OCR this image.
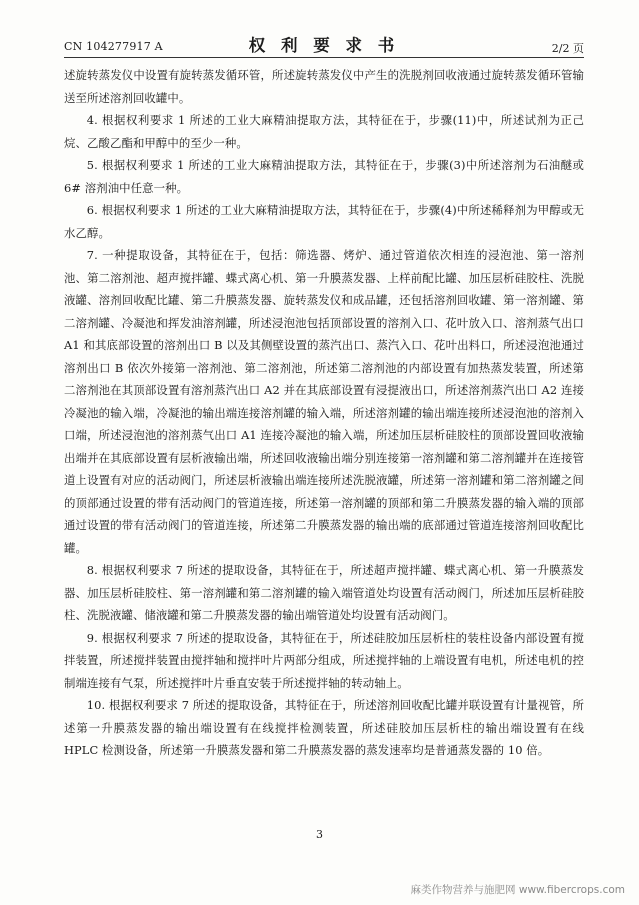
CN 104277917 A	权 利 要 求 书	2/2 页

述旋转蒸发仪中设置有旋转蒸发循环管，所述旋转蒸发仪中产生的洗脱剂回收液通过旋转蒸发循环管输送至所述溶剂回收罐中。

4. 根据权利要求 1 所述的工业大麻精油提取方法，其特征在于，步骤(11)中，所述试剂为正己烷、乙酸乙酯和甲醇中的至少一种。

5. 根据权利要求 1 所述的工业大麻精油提取方法，其特征在于，步骤(3)中所述溶剂为石油醚或 6# 溶剂油中任意一种。

6. 根据权利要求 1 所述的工业大麻精油提取方法，其特征在于，步骤(4)中所述稀释剂为甲醇或无水乙醇。

7. 一种提取设备，其特征在于，包括：筛选器、烤炉、通过管道依次相连的浸泡池、第一溶剂池、第二溶剂池、超声搅拌罐、蝶式离心机、第一升膜蒸发器、上样前配比罐、加压层析硅胶柱、洗脱液罐、溶剂回收配比罐、第二升膜蒸发器、旋转蒸发仪和成品罐，还包括溶剂回收罐、第一溶剂罐、第二溶剂罐、冷凝池和挥发油溶剂罐，所述浸泡池包括顶部设置的溶剂入口、花叶放入口、溶剂蒸气出口 A1 和其底部设置的溶剂出口 B 以及其侧壁设置的蒸汽出口、蒸汽入口、花叶出料口，所述浸泡池通过溶剂出口 B 依次外接第一溶剂池、第二溶剂池，所述第二溶剂池的内部设置有加热蒸发装置，所述第二溶剂池在其顶部设置有溶剂蒸汽出口 A2 并在其底部设置有浸提液出口，所述溶剂蒸汽出口 A2 连接冷凝池的输入端，冷凝池的输出端连接溶剂罐的输入端，所述溶剂罐的输出端连接所述浸泡池的溶剂入口端，所述浸泡池的溶剂蒸气出口 A1 连接冷凝池的输入端，所述加压层析硅胶柱的顶部设置回收液输出端并在其底部设置有层析液输出端，所述回收液输出端分别连接第一溶剂罐和第二溶剂罐并在连接管道上设置有对应的活动阀门，所述层析液输出端连接所述洗脱液罐，所述第一溶剂罐和第二溶剂罐之间的顶部通过设置的带有活动阀门的管道连接，所述第一溶剂罐的顶部和第二升膜蒸发器的输入端的顶部通过设置的带有活动阀门的管道连接，所述第二升膜蒸发器的输出端的底部通过管道连接溶剂回收配比罐。

8. 根据权利要求 7 所述的提取设备，其特征在于，所述超声搅拌罐、蝶式离心机、第一升膜蒸发器、加压层析硅胶柱、第一溶剂罐和第二溶剂罐的输入端管道处均设置有活动阀门，所述加压层析硅胶柱、洗脱液罐、储液罐和第二升膜蒸发器的输出端管道处均设置有活动阀门。

9. 根据权利要求 7 所述的提取设备，其特征在于，所述硅胶加压层析柱的装柱设备内部设置有搅拌装置，所述搅拌装置由搅拌轴和搅拌叶片两部分组成，所述搅拌轴的上端设置有电机，所述电机的控制端连接有气泵，所述搅拌叶片垂直安装于所述搅拌轴的转动轴上。

10. 根据权利要求 7 所述的提取设备，其特征在于，所述溶剂回收配比罐并联设置有计量视管，所述第一升膜蒸发器的输出端设置有在线搅拌检测装置，所述硅胶加压层析柱的输出端设置有在线 HPLC 检测设备，所述第一升膜蒸发器和第二升膜蒸发器的蒸发速率均是普通蒸发器的 10 倍。

3
麻类作物营养与施肥网 www.fibercrops.com
